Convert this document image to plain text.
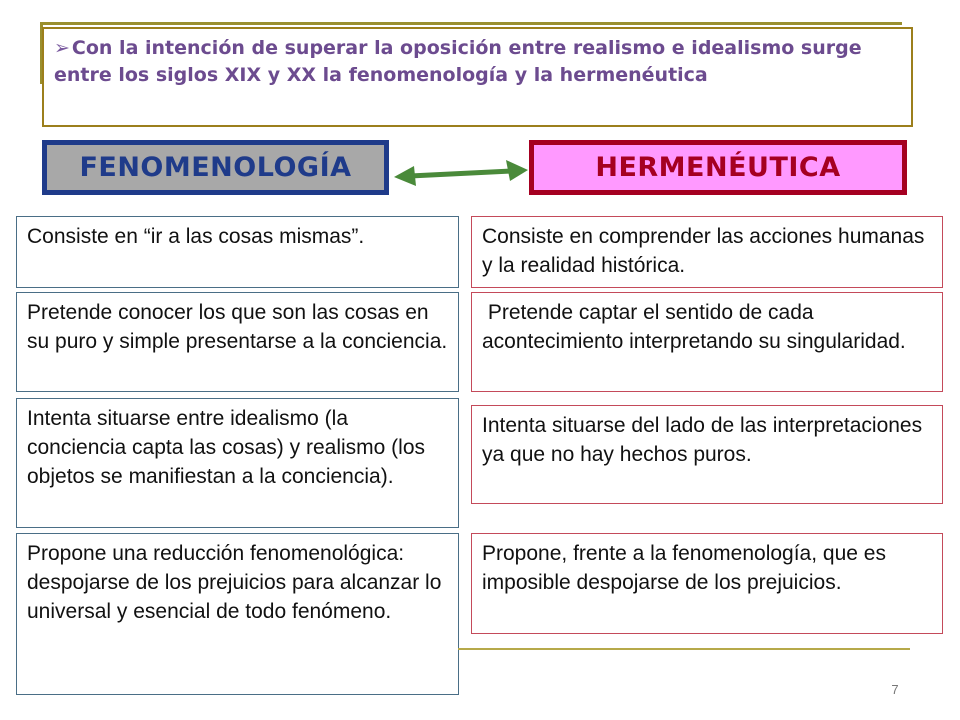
➢ Con la intención de superar la oposición entre realismo e idealismo surge entre los siglos XIX y XX la fenomenología y la hermenéutica
FENOMENOLOGÍA	HERMENÉUTICA
Consiste en “ir a las cosas mismas”.
Pretende conocer los que son las cosas en su puro y simple presentarse a la conciencia.
Intenta situarse entre idealismo (la conciencia capta las cosas) y realismo (los objetos se manifiestan a la conciencia).
Propone una reducción fenomenológica: despojarse de los prejuicios para alcanzar lo universal y esencial de todo fenómeno.
Consiste en comprender las acciones humanas y la realidad histórica.
Pretende captar el sentido de cada acontecimiento interpretando su singularidad.
Intenta situarse del lado de las interpretaciones ya que no hay hechos puros.
Propone, frente a la fenomenología, que es imposible despojarse de los prejuicios.
7
